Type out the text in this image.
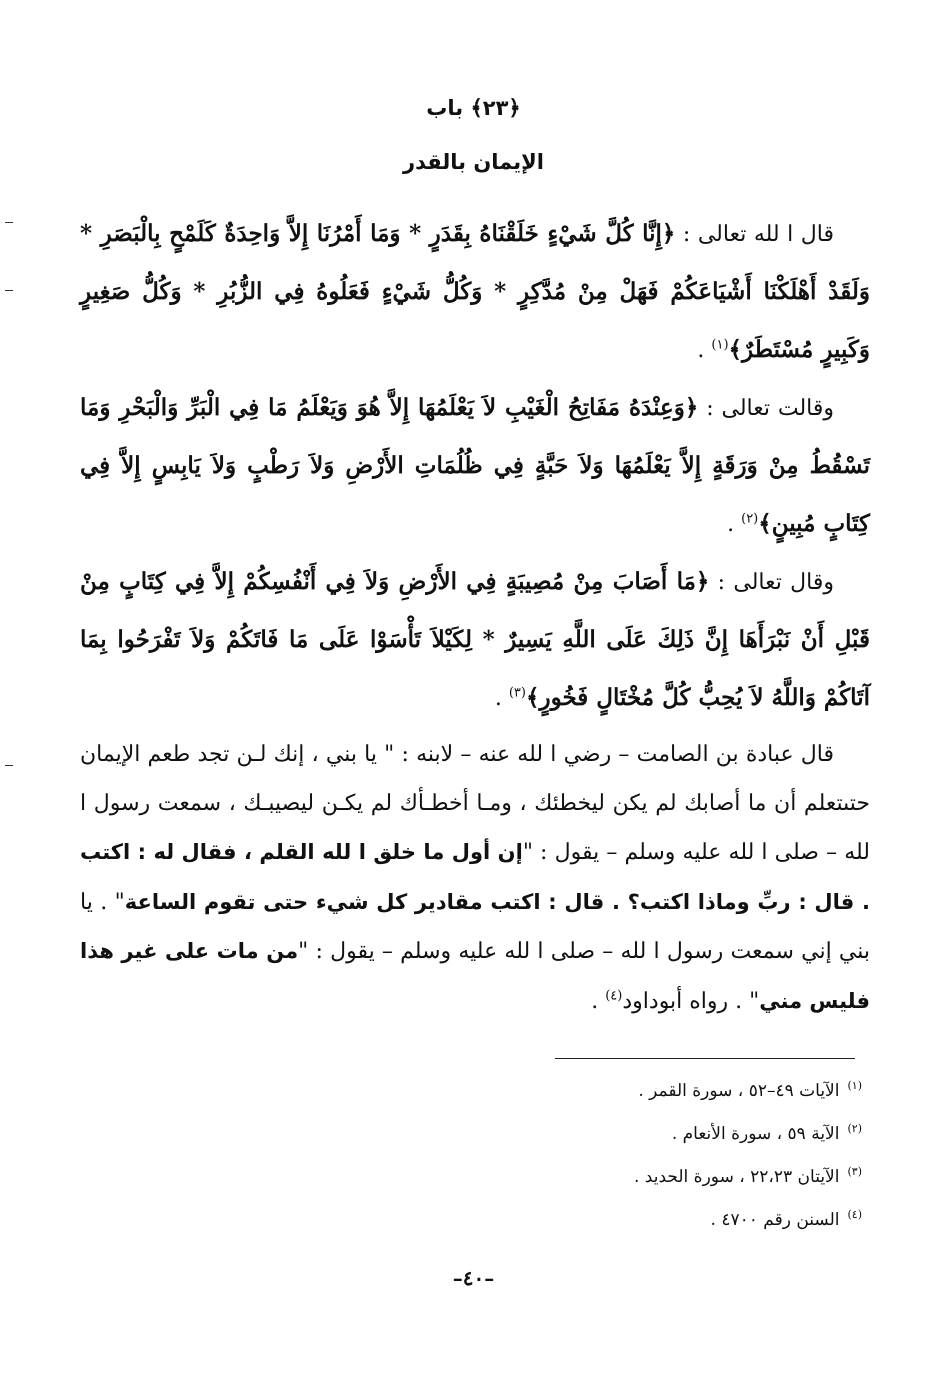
﴿٢٣﴾ باب
الإيمان بالقدر

قال ا لله تعالى : ﴿إِنَّا كُلَّ شَيْءٍ خَلَقْنَاهُ بِقَدَرٍ * وَمَا أَمْرُنَا إِلاَّ وَاحِدَةٌ كَلَمْحٍ بِالْبَصَرِ * وَلَقَدْ أَهْلَكْنَا أَشْيَاعَكُمْ فَهَلْ مِنْ مُدَّكِرٍ * وَكُلُّ شَيْءٍ فَعَلُوهُ فِي الزُّبُرِ * وَكُلُّ صَغِيرٍ وَكَبِيرٍ مُسْتَطَرٌ﴾$^{(١)}$ .

وقالت تعالى : ﴿وَعِنْدَهُ مَفَاتِحُ الْغَيْبِ لاَ يَعْلَمُهَا إِلاَّ هُوَ وَيَعْلَمُ مَا فِي الْبَرِّ وَالْبَحْرِ وَمَا تَسْقُطُ مِنْ وَرَقَةٍ إِلاَّ يَعْلَمُهَا وَلاَ حَبَّةٍ فِي ظُلُمَاتِ الأَرْضِ وَلاَ رَطْبٍ وَلاَ يَابِسٍ إِلاَّ فِي كِتَابٍ مُبِينٍ﴾$^{(٢)}$ .

وقال تعالى : ﴿مَا أَصَابَ مِنْ مُصِيبَةٍ فِي الأَرْضِ وَلاَ فِي أَنْفُسِكُمْ إِلاَّ فِي كِتَابٍ مِنْ قَبْلِ أَنْ نَبْرَأَهَا إِنَّ ذَلِكَ عَلَى اللَّهِ يَسِيرٌ * لِكَيْلاَ تَأْسَوْا عَلَى مَا فَاتَكُمْ وَلاَ تَفْرَحُوا بِمَا آتَاكُمْ وَاللَّهُ لاَ يُحِبُّ كُلَّ مُخْتَالٍ فَخُورٍ﴾$^{(٣)}$ .

قال عبادة بن الصامت – رضي ا لله عنه – لابنه : " يا بني ، إنك لـن تجد طعم الإيمان حتىتعلم أن ما أصابك لم يكن ليخطئك ، ومـا أخطـأك لم يكـن ليصيبـك ، سمعت رسول ا لله – صلى ا لله عليه وسلم – يقول : "إن أول ما خلق ا لله القلم ، فقال له : اكتب . قال : ربِّ وماذا اكتب؟ . قال : اكتب مقادير كل شيء حتى تقوم الساعة" . يا بني إني سمعت رسول ا لله – صلى ا لله عليه وسلم – يقول : "من مات على غير هذا فليس مني" . رواه أبوداود$^{(٤)}$ .

$^{(١)}$الآيات ٤٩–٥٢ ، سورة القمر .
$^{(٢)}$الآية ٥٩ ، سورة الأنعام .
$^{(٣)}$الآيتان ٢٢،٢٣ ، سورة الحديد .
$^{(٤)}$السنن رقم ٤٧٠٠ .
–٤٠–
